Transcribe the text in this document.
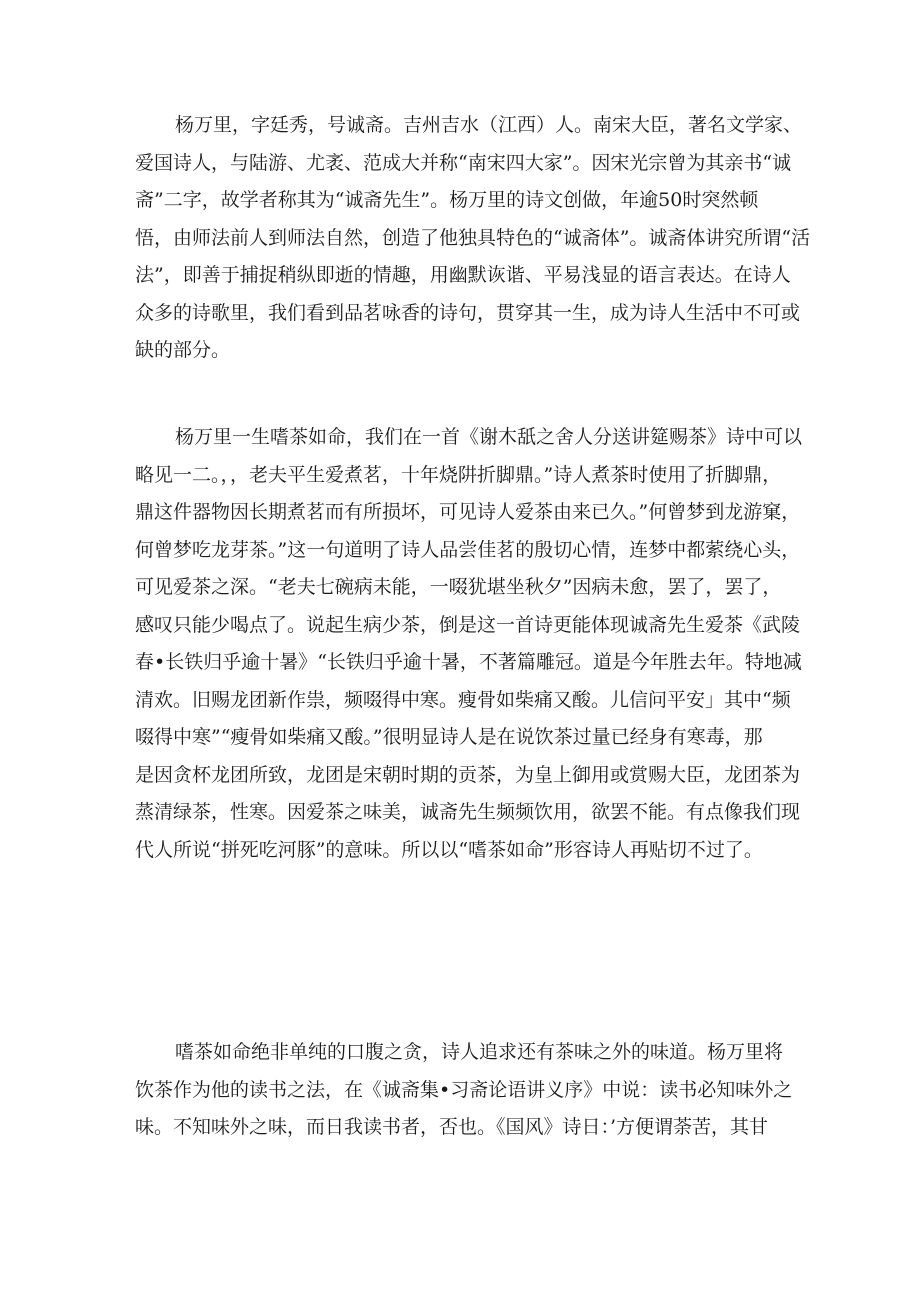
杨万里，字廷秀，号诚斋。吉州吉水（江西）人。南宋大臣，著名文学家、
爱国诗人，与陆游、尤袤、范成大并称“南宋四大家”。因宋光宗曾为其亲书“诚
斋”二字，故学者称其为“诚斋先生”。杨万里的诗文创做，年逾50时突然顿
悟，由师法前人到师法自然，创造了他独具特色的“诚斋体”。诚斋体讲究所谓“活
法”，即善于捕捉稍纵即逝的情趣，用幽默诙谐、平易浅显的语言表达。在诗人
众多的诗歌里，我们看到品茗咏香的诗句，贯穿其一生，成为诗人生活中不可或
缺的部分。
杨万里一生嗜茶如命，我们在一首《谢木舐之舍人分送讲筵赐茶》诗中可以
略见一二。，，老夫平生爱煮茗，十年烧阱折脚鼎。”诗人煮茶时使用了折脚鼎，
鼎这件器物因长期煮茗而有所损坏，可见诗人爱茶由来已久。”何曾梦到龙游窠，
何曾梦吃龙芽茶。”这一句道明了诗人品尝佳茗的殷切心情，连梦中都萦绕心头，
可见爱茶之深。“老夫七碗病未能，一啜犹堪坐秋夕”因病未愈，罢了，罢了，
感叹只能少喝点了。说起生病少茶，倒是这一首诗更能体现诚斋先生爱茶《武陵
春•长铁归乎逾十暑》“长铁归乎逾十暑，不著篇雕冠。道是今年胜去年。特地减
清欢。旧赐龙团新作祟，频啜得中寒。瘦骨如柴痛又酸。儿信问平安」其中“频
啜得中寒”“瘦骨如柴痛又酸。”很明显诗人是在说饮茶过量已经身有寒毒，那
是因贪杯龙团所致，龙团是宋朝时期的贡茶，为皇上御用或赏赐大臣，龙团茶为
蒸清绿茶，性寒。因爱茶之味美，诚斋先生频频饮用，欲罢不能。有点像我们现
代人所说“拼死吃河豚”的意味。所以以“嗜茶如命”形容诗人再贴切不过了。
嗜茶如命绝非单纯的口腹之贪，诗人追求还有茶味之外的味道。杨万里将
饮茶作为他的读书之法，在《诚斋集•习斋论语讲义序》中说：读书必知味外之
味。不知味外之味，而日我读书者，否也。《国风》诗日：’方便谓荼苦，其甘
